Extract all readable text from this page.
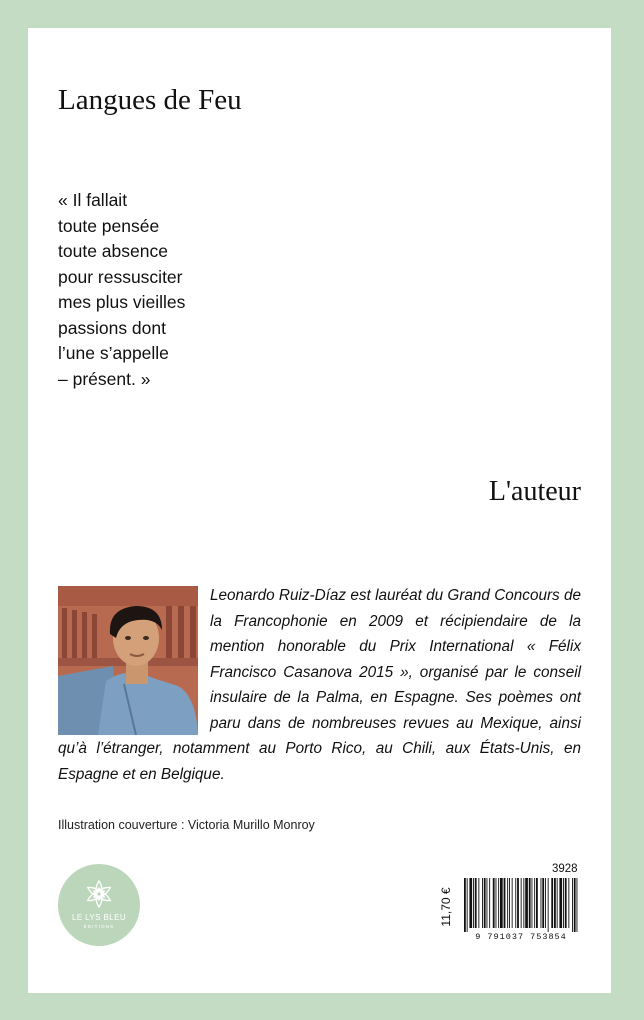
Langues de Feu
« Il fallait
toute pensée
toute absence
pour ressusciter
mes plus vieilles
passions dont
l’une s’appelle
– présent. »
L'auteur
Leonardo Ruiz-Díaz est lauréat du Grand Concours de la Francophonie en 2009 et récipiendaire de la mention honorable du Prix International « Félix Francisco Casanova 2015 », organisé par le conseil insulaire de la Palma, en Espagne. Ses poèmes ont paru dans de nombreuses revues au Mexique, ainsi qu’à l’étranger, notamment au Porto Rico, au Chili, aux États-Unis, en Espagne et en Belgique.
Illustration couverture : Victoria Murillo Monroy
LE LYS BLEU
ÉDITIONS
3928
11,70 €
9 791037 753854
